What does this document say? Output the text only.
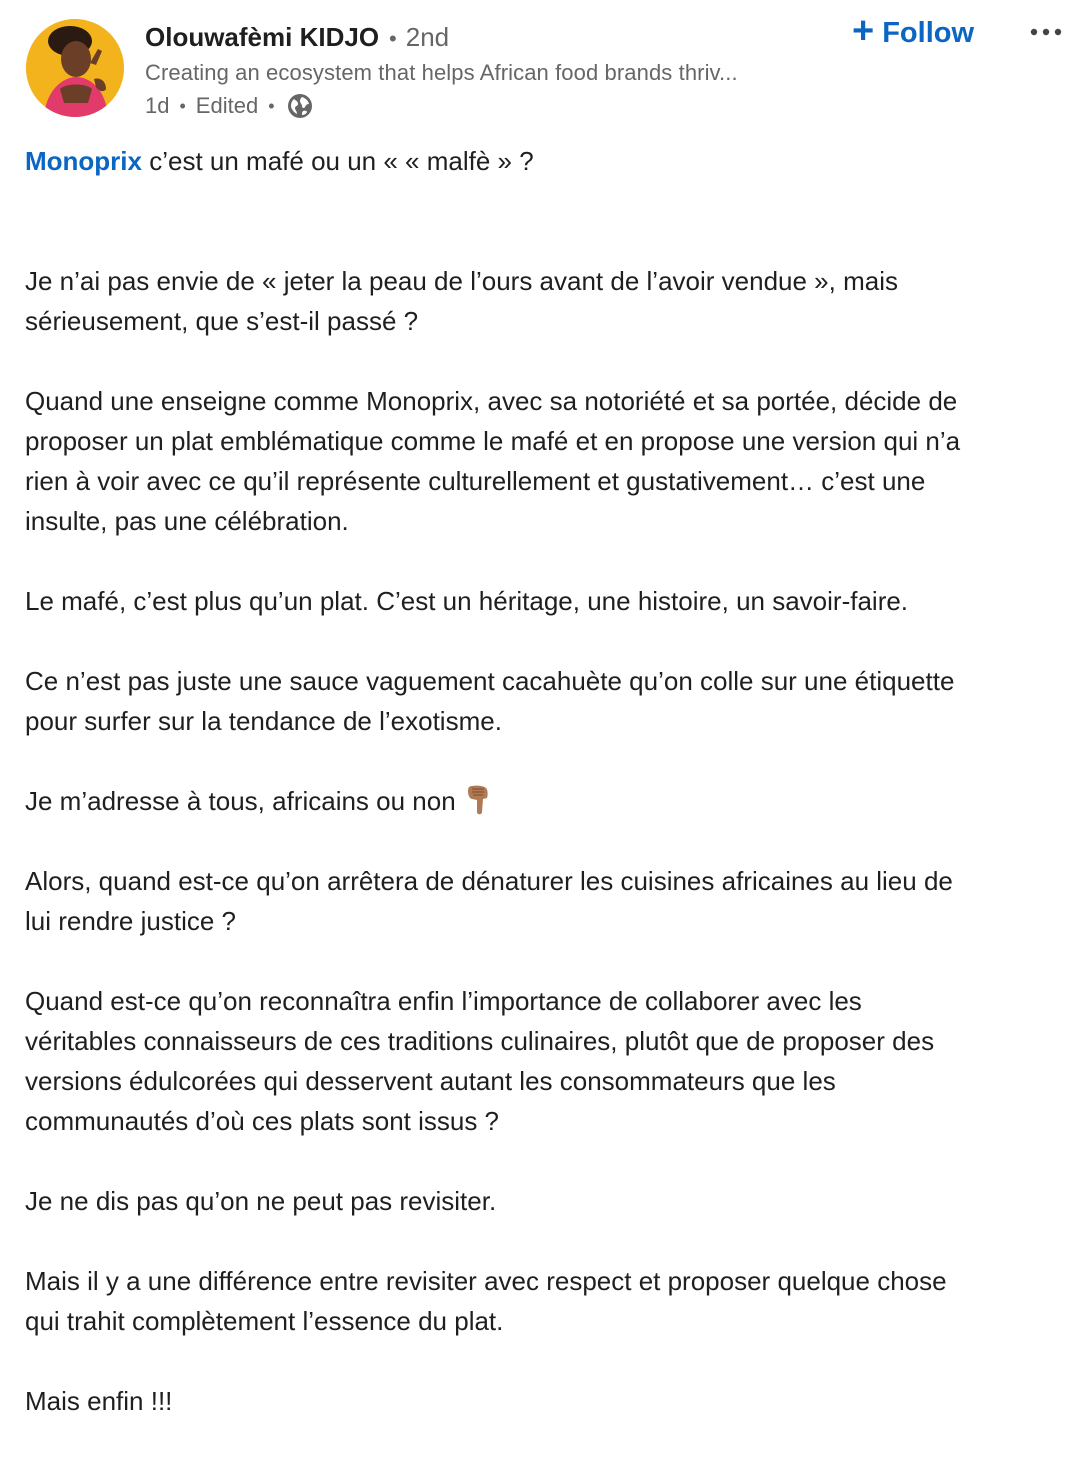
Olouwafèmi KIDJO • 2nd
Creating an ecosystem that helps African food brands thriv...
1d • Edited •
+ Follow

Monoprix c’est un mafé ou un « « malfè » ?

Je n’ai pas envie de « jeter la peau de l’ours avant de l’avoir vendue », mais
sérieusement, que s’est-il passé ?

Quand une enseigne comme Monoprix, avec sa notoriété et sa portée, décide de
proposer un plat emblématique comme le mafé et en propose une version qui n’a
rien à voir avec ce qu’il représente culturellement et gustativement… c’est une
insulte, pas une célébration.

Le mafé, c’est plus qu’un plat. C’est un héritage, une histoire, un savoir-faire.

Ce n’est pas juste une sauce vaguement cacahuète qu’on colle sur une étiquette
pour surfer sur la tendance de l’exotisme.

Je m’adresse à tous, africains ou non

Alors, quand est-ce qu’on arrêtera de dénaturer les cuisines africaines au lieu de
lui rendre justice ?

Quand est-ce qu’on reconnaîtra enfin l’importance de collaborer avec les
véritables connaisseurs de ces traditions culinaires, plutôt que de proposer des
versions édulcorées qui desservent autant les consommateurs que les
communautés d’où ces plats sont issus ?

Je ne dis pas qu’on ne peut pas revisiter.

Mais il y a une différence entre revisiter avec respect et proposer quelque chose
qui trahit complètement l’essence du plat.

Mais enfin !!!
